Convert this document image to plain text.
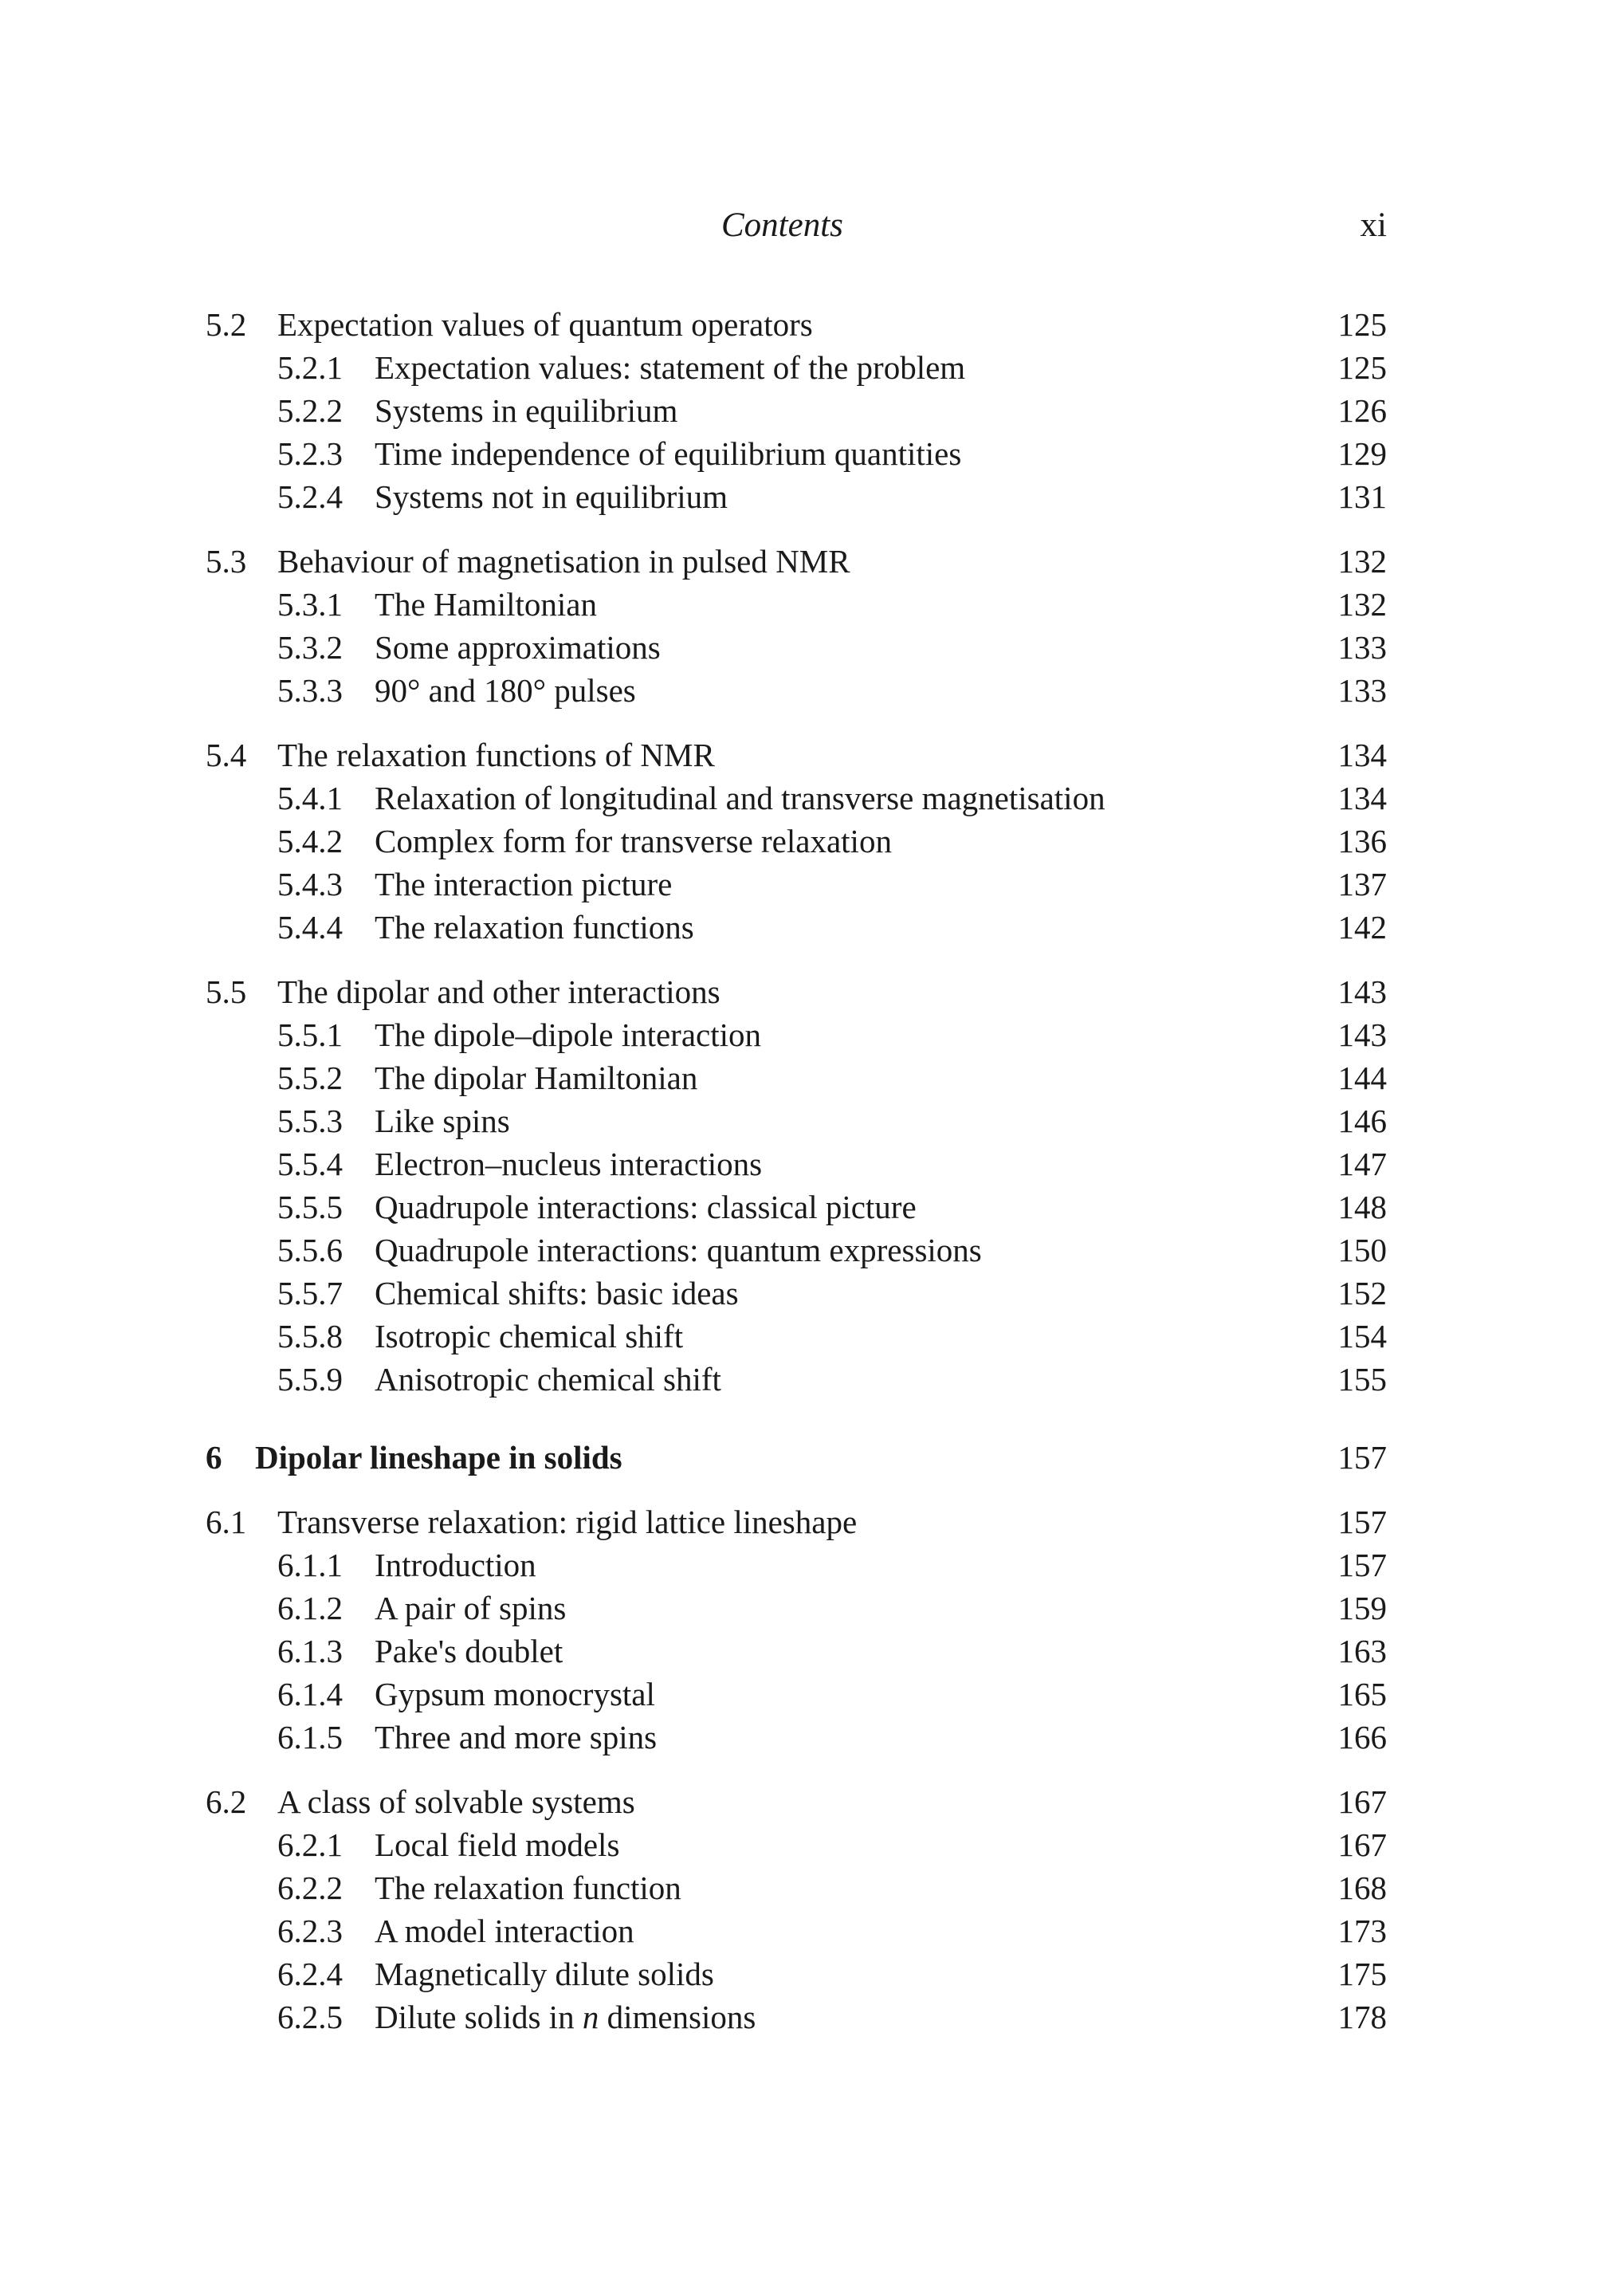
Contents	xi
5.2 Expectation values of quantum operators	125
5.2.1 Expectation values: statement of the problem	125
5.2.2 Systems in equilibrium	126
5.2.3 Time independence of equilibrium quantities	129
5.2.4 Systems not in equilibrium	131
5.3 Behaviour of magnetisation in pulsed NMR	132
5.3.1 The Hamiltonian	132
5.3.2 Some approximations	133
5.3.3 90° and 180° pulses	133
5.4 The relaxation functions of NMR	134
5.4.1 Relaxation of longitudinal and transverse magnetisation	134
5.4.2 Complex form for transverse relaxation	136
5.4.3 The interaction picture	137
5.4.4 The relaxation functions	142
5.5 The dipolar and other interactions	143
5.5.1 The dipole–dipole interaction	143
5.5.2 The dipolar Hamiltonian	144
5.5.3 Like spins	146
5.5.4 Electron–nucleus interactions	147
5.5.5 Quadrupole interactions: classical picture	148
5.5.6 Quadrupole interactions: quantum expressions	150
5.5.7 Chemical shifts: basic ideas	152
5.5.8 Isotropic chemical shift	154
5.5.9 Anisotropic chemical shift	155
6 Dipolar lineshape in solids	157
6.1 Transverse relaxation: rigid lattice lineshape	157
6.1.1 Introduction	157
6.1.2 A pair of spins	159
6.1.3 Pake's doublet	163
6.1.4 Gypsum monocrystal	165
6.1.5 Three and more spins	166
6.2 A class of solvable systems	167
6.2.1 Local field models	167
6.2.2 The relaxation function	168
6.2.3 A model interaction	173
6.2.4 Magnetically dilute solids	175
6.2.5 Dilute solids in n dimensions	178
